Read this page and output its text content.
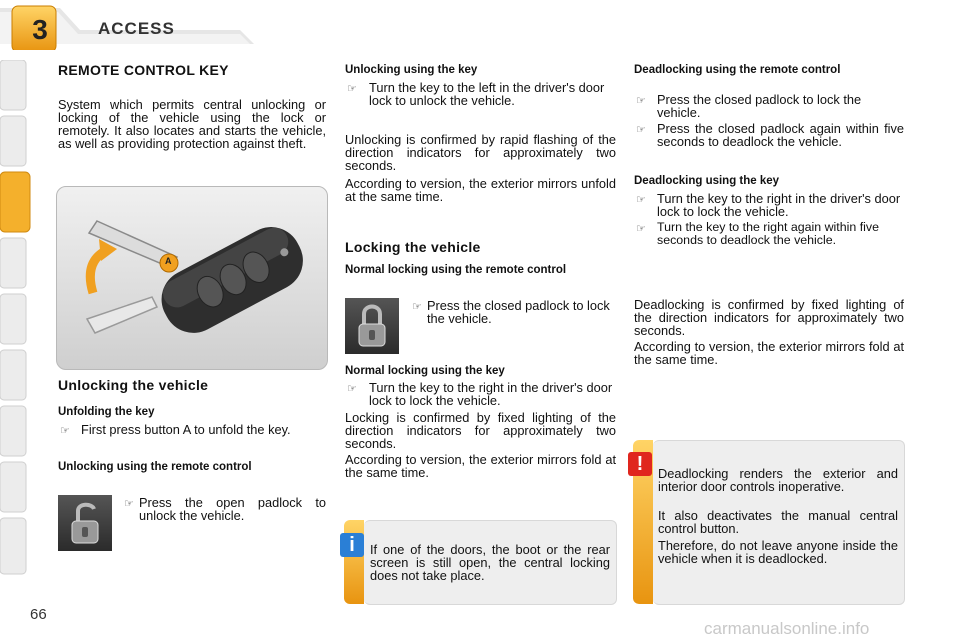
3	ACCESS
REMOTE CONTROL KEY
System which permits central unlocking or locking of the vehicle using the lock or remotely. It also locates and starts the vehicle, as well as providing protection against theft.
A
Unlocking the vehicle
Unfolding the key
☞ First press button A to unfold the key.
Unlocking using the remote control
☞ Press the open padlock to unlock the vehicle.
Unlocking using the key
☞ Turn the key to the left in the driver's door lock to unlock the vehicle.
Unlocking is confirmed by rapid flashing of the direction indicators for approximately two seconds.
According to version, the exterior mirrors unfold at the same time.
Locking the vehicle
Normal locking using the remote control
☞ Press the closed padlock to lock the vehicle.
Normal locking using the key
☞ Turn the key to the right in the driver's door lock to lock the vehicle.
Locking is confirmed by fixed lighting of the direction indicators for approximately two seconds.
According to version, the exterior mirrors fold at the same time.
i	If one of the doors, the boot or the rear screen is still open, the central locking does not take place.
Deadlocking using the remote control
☞ Press the closed padlock to lock the vehicle.
☞ Press the closed padlock again within five seconds to deadlock the vehicle.
Deadlocking using the key
☞ Turn the key to the right in the driver's door lock to lock the vehicle.
☞ Turn the key to the right again within five seconds to deadlock the vehicle.
Deadlocking is confirmed by fixed lighting of the direction indicators for approximately two seconds.
According to version, the exterior mirrors fold at the same time.
!	Deadlocking renders the exterior and interior door controls inoperative.
It also deactivates the manual central control button.
Therefore, do not leave anyone inside the vehicle when it is deadlocked.
66
carmanualsonline.info
